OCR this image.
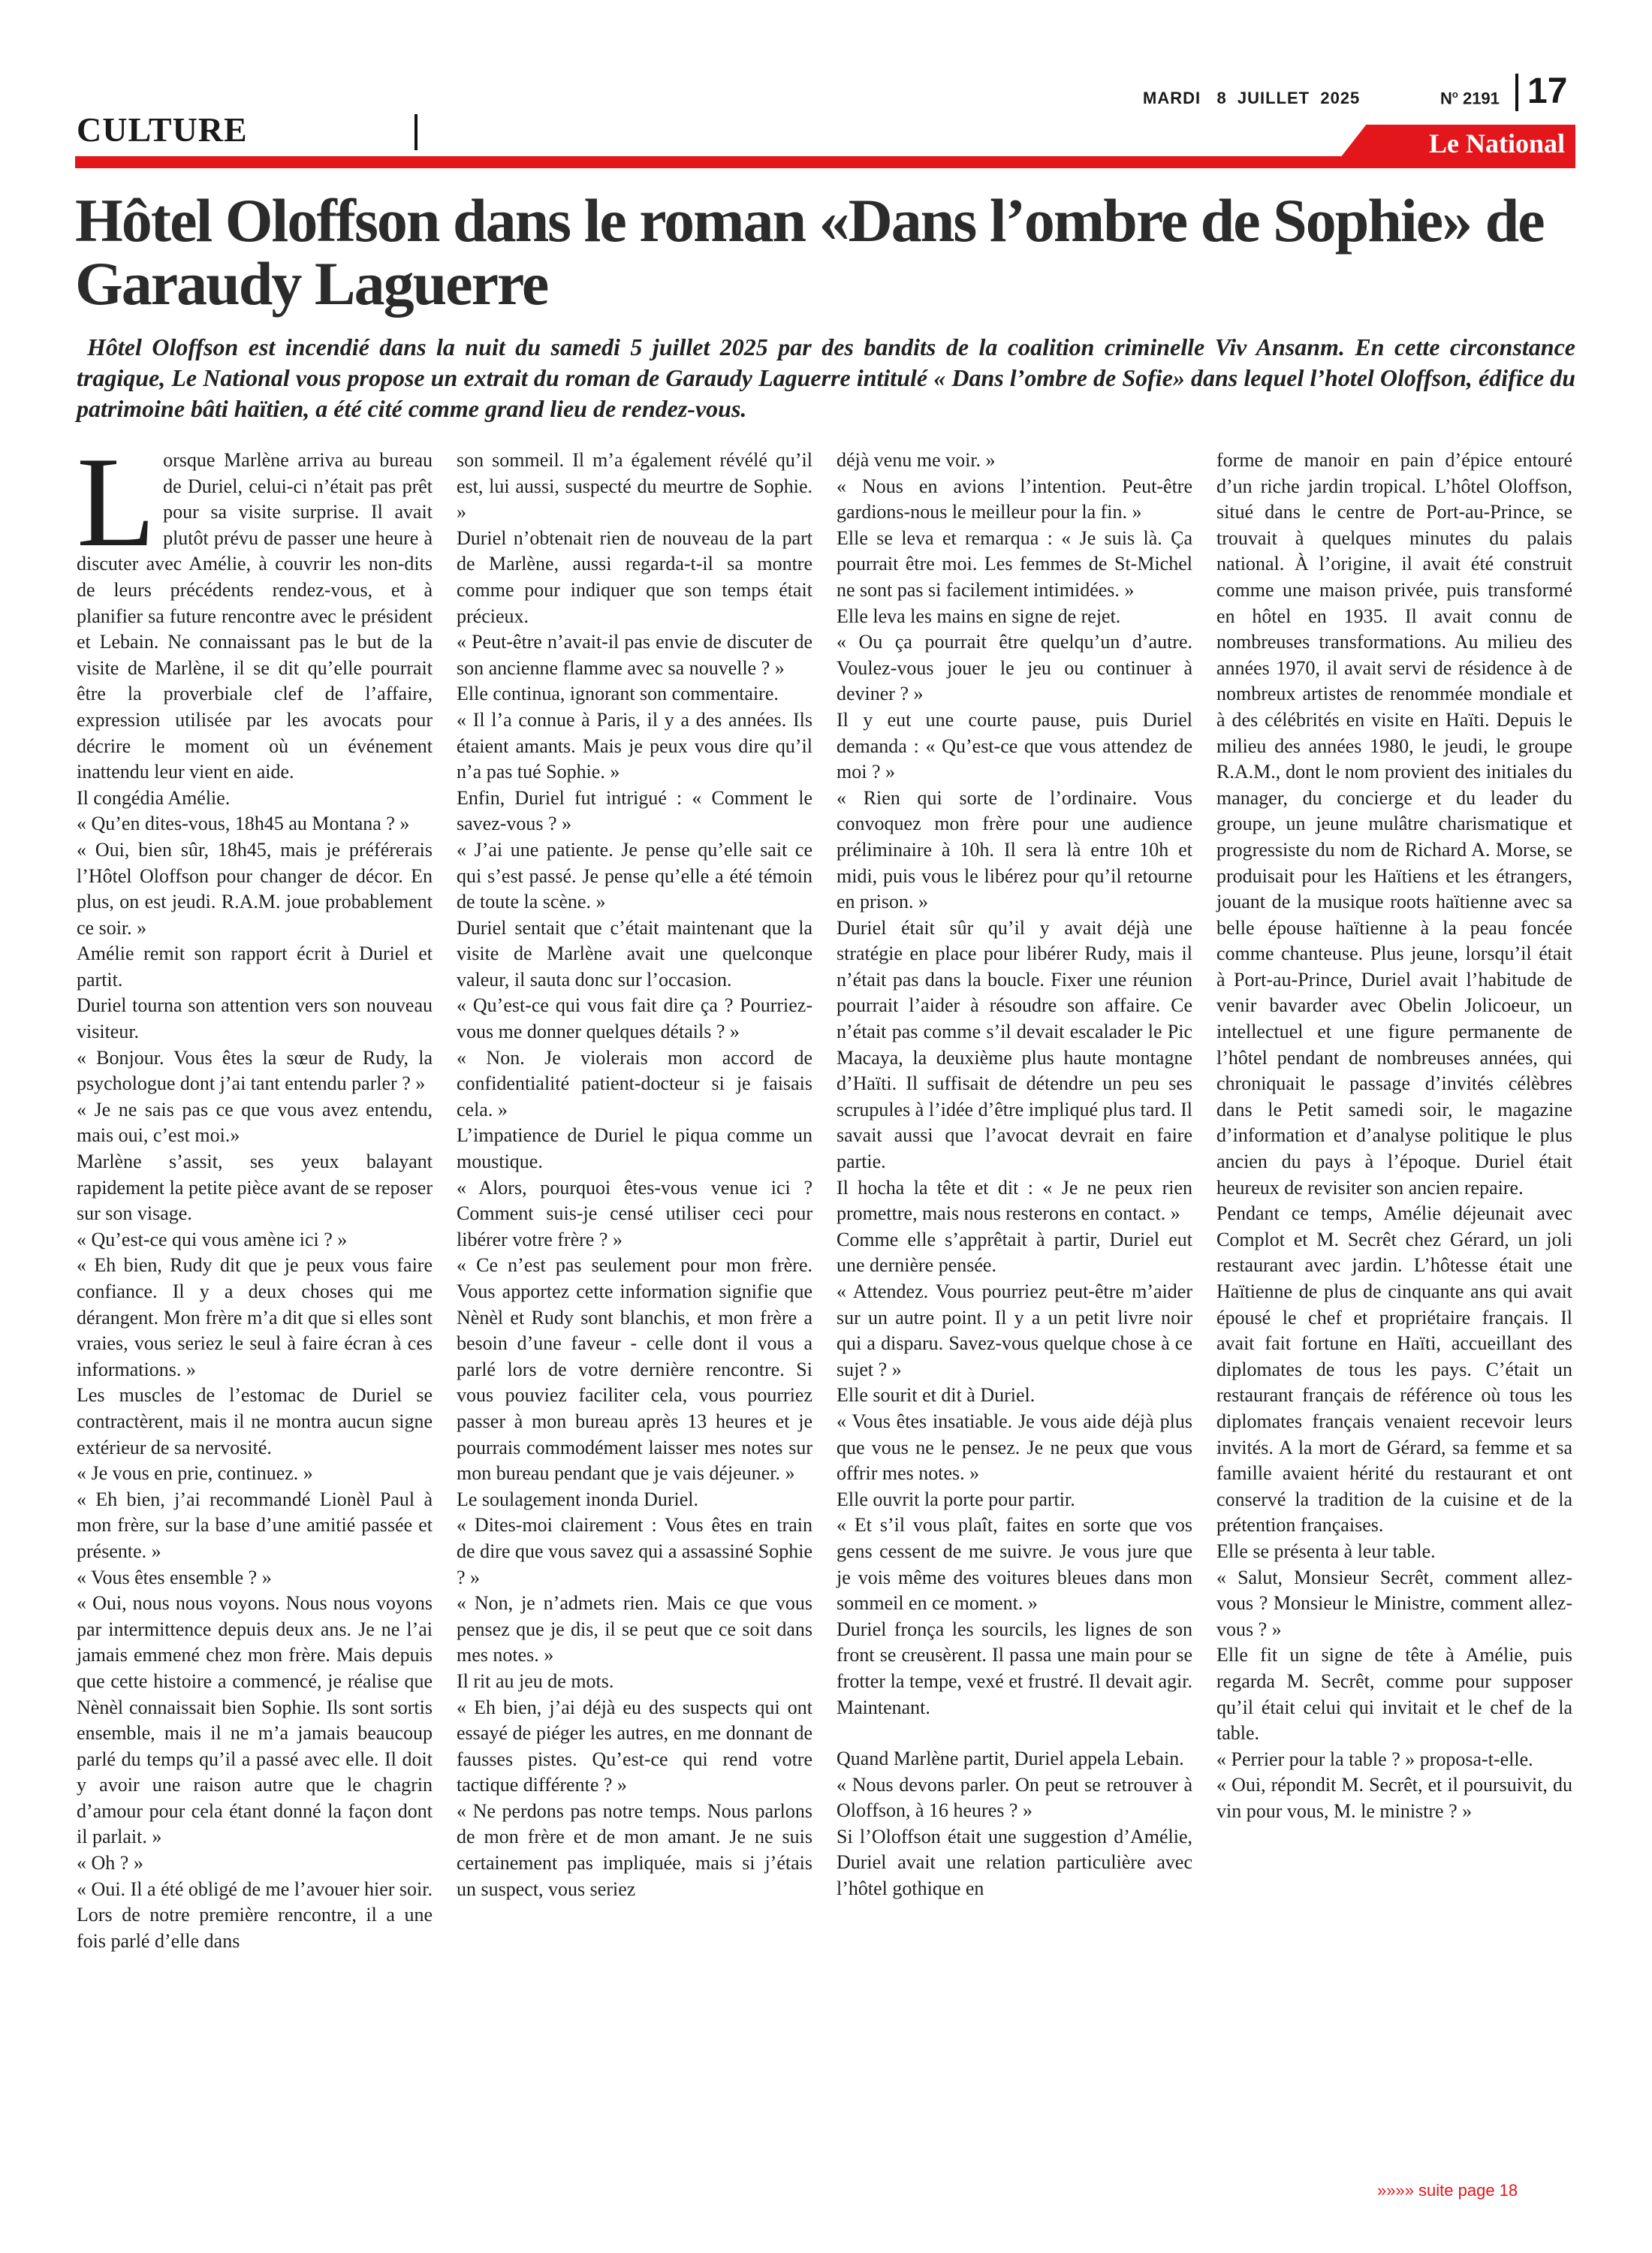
MARDI   8  JUILLET  2025	$N^o$ 2191 17
CULTURE	Le National
Hôtel Oloffson dans le roman «Dans l’ombre de Sophie» de Garaudy Laguerre

Hôtel Oloffson est incendié dans la nuit du samedi 5 juillet 2025 par des bandits de la coalition criminelle Viv Ansanm. En cette circonstance tragique, Le National vous propose un extrait du roman de Garaudy Laguerre intitulé « Dans l’ombre de Sofie» dans lequel l’hotel Oloffson, édifice du patrimoine bâti haïtien, a été cité comme grand lieu de rendez-vous.

L orsque Marlène arriva au bureau de Duriel, celui-ci n’était pas prêt pour sa visite surprise. Il avait plutôt prévu de passer une heure à discuter avec Amélie, à couvrir les non-dits de leurs précédents rendez-vous, et à planifier sa future rencontre avec le président et Lebain. Ne connaissant pas le but de la visite de Marlène, il se dit qu’elle pourrait être la proverbiale clef de l’affaire, expression utilisée par les avocats pour décrire le moment où un événement inattendu leur vient en aide.

Il congédia Amélie.

« Qu’en dites-vous, 18h45 au Montana ? »

« Oui, bien sûr, 18h45, mais je préférerais l’Hôtel Oloffson pour changer de décor. En plus, on est jeudi. R.A.M. joue probablement ce soir. »

Amélie remit son rapport écrit à Duriel et partit.

Duriel tourna son attention vers son nouveau visiteur.

« Bonjour. Vous êtes la sœur de Rudy, la psychologue dont j’ai tant entendu parler ? »

« Je ne sais pas ce que vous avez entendu, mais oui, c’est moi.»

Marlène s’assit, ses yeux balayant rapidement la petite pièce avant de se reposer sur son visage.

« Qu’est-ce qui vous amène ici ? »

« Eh bien, Rudy dit que je peux vous faire confiance. Il y a deux choses qui me dérangent. Mon frère m’a dit que si elles sont vraies, vous seriez le seul à faire écran à ces informations. »

Les muscles de l’estomac de Duriel se contractèrent, mais il ne montra aucun signe extérieur de sa nervosité.

« Je vous en prie, continuez. »

« Eh bien, j’ai recommandé Lionèl Paul à mon frère, sur la base d’une amitié passée et présente. »

« Vous êtes ensemble ? »

« Oui, nous nous voyons. Nous nous voyons par intermittence depuis deux ans. Je ne l’ai jamais emmené chez mon frère. Mais depuis que cette histoire a commencé, je réalise que Nènèl connaissait bien Sophie. Ils sont sortis ensemble, mais il ne m’a jamais beaucoup parlé du temps qu’il a passé avec elle. Il doit y avoir une raison autre que le chagrin d’amour pour cela étant donné la façon dont il parlait. »

« Oh ? »

« Oui. Il a été obligé de me l’avouer hier soir. Lors de notre première rencontre, il a une fois parlé d’elle dans

son sommeil. Il m’a également révélé qu’il est, lui aussi, suspecté du meurtre de Sophie. »

Duriel n’obtenait rien de nouveau de la part de Marlène, aussi regarda-t-il sa montre comme pour indiquer que son temps était précieux.

« Peut-être n’avait-il pas envie de discuter de son ancienne flamme avec sa nouvelle ? »

Elle continua, ignorant son commentaire.

« Il l’a connue à Paris, il y a des années. Ils étaient amants. Mais je peux vous dire qu’il n’a pas tué Sophie. »

Enfin, Duriel fut intrigué : « Comment le savez-vous ? »

« J’ai une patiente. Je pense qu’elle sait ce qui s’est passé. Je pense qu’elle a été témoin de toute la scène. »

Duriel sentait que c’était maintenant que la visite de Marlène avait une quelconque valeur, il sauta donc sur l’occasion.

« Qu’est-ce qui vous fait dire ça ? Pourriez-vous me donner quelques détails ? »

« Non. Je violerais mon accord de confidentialité patient-docteur si je faisais cela. »

L’impatience de Duriel le piqua comme un moustique.

« Alors, pourquoi êtes-vous venue ici ? Comment suis-je censé utiliser ceci pour libérer votre frère ? »

« Ce n’est pas seulement pour mon frère. Vous apportez cette information signifie que Nènèl et Rudy sont blanchis, et mon frère a besoin d’une faveur - celle dont il vous a parlé lors de votre dernière rencontre. Si vous pouviez faciliter cela, vous pourriez passer à mon bureau après 13 heures et je pourrais commodément laisser mes notes sur mon bureau pendant que je vais déjeuner. »

Le soulagement inonda Duriel.

« Dites-moi clairement : Vous êtes en train de dire que vous savez qui a assassiné Sophie ? »

« Non, je n’admets rien. Mais ce que vous pensez que je dis, il se peut que ce soit dans mes notes. »

Il rit au jeu de mots.

« Eh bien, j’ai déjà eu des suspects qui ont essayé de piéger les autres, en me donnant de fausses pistes. Qu’est-ce qui rend votre tactique différente ? »

« Ne perdons pas notre temps. Nous parlons de mon frère et de mon amant. Je ne suis certainement pas impliquée, mais si j’étais un suspect, vous seriez

déjà venu me voir. »

« Nous en avions l’intention. Peut-être gardions-nous le meilleur pour la fin. »

Elle se leva et remarqua : « Je suis là. Ça pourrait être moi. Les femmes de St-Michel ne sont pas si facilement intimidées. »

Elle leva les mains en signe de rejet.

« Ou ça pourrait être quelqu’un d’autre. Voulez-vous jouer le jeu ou continuer à deviner ? »

Il y eut une courte pause, puis Duriel demanda : « Qu’est-ce que vous attendez de moi ? »

« Rien qui sorte de l’ordinaire. Vous convoquez mon frère pour une audience préliminaire à 10h. Il sera là entre 10h et midi, puis vous le libérez pour qu’il retourne en prison. »

Duriel était sûr qu’il y avait déjà une stratégie en place pour libérer Rudy, mais il n’était pas dans la boucle. Fixer une réunion pourrait l’aider à résoudre son affaire. Ce n’était pas comme s’il devait escalader le Pic Macaya, la deuxième plus haute montagne d’Haïti. Il suffisait de détendre un peu ses scrupules à l’idée d’être impliqué plus tard. Il savait aussi que l’avocat devrait en faire partie.

Il hocha la tête et dit : « Je ne peux rien promettre, mais nous resterons en contact. »

Comme elle s’apprêtait à partir, Duriel eut une dernière pensée.

« Attendez. Vous pourriez peut-être m’aider sur un autre point. Il y a un petit livre noir qui a disparu. Savez-vous quelque chose à ce sujet ? »

Elle sourit et dit à Duriel.

« Vous êtes insatiable. Je vous aide déjà plus que vous ne le pensez. Je ne peux que vous offrir mes notes. »

Elle ouvrit la porte pour partir.

« Et s’il vous plaît, faites en sorte que vos gens cessent de me suivre. Je vous jure que je vois même des voitures bleues dans mon sommeil en ce moment. »

Duriel fronça les sourcils, les lignes de son front se creusèrent. Il passa une main pour se frotter la tempe, vexé et frustré. Il devait agir. Maintenant.

Quand Marlène partit, Duriel appela Lebain.

« Nous devons parler. On peut se retrouver à Oloffson, à 16 heures ? »

Si l’Oloffson était une suggestion d’Amélie, Duriel avait une relation particulière avec l’hôtel gothique en

forme de manoir en pain d’épice entouré d’un riche jardin tropical. L’hôtel Oloffson, situé dans le centre de Port-au-Prince, se trouvait à quelques minutes du palais national. À l’origine, il avait été construit comme une maison privée, puis transformé en hôtel en 1935. Il avait connu de nombreuses transformations. Au milieu des années 1970, il avait servi de résidence à de nombreux artistes de renommée mondiale et à des célébrités en visite en Haïti. Depuis le milieu des années 1980, le jeudi, le groupe R.A.M., dont le nom provient des initiales du manager, du concierge et du leader du groupe, un jeune mulâtre charismatique et progressiste du nom de Richard A. Morse, se produisait pour les Haïtiens et les étrangers, jouant de la musique roots haïtienne avec sa belle épouse haïtienne à la peau foncée comme chanteuse. Plus jeune, lorsqu’il était à Port-au-Prince, Duriel avait l’habitude de venir bavarder avec Obelin Jolicoeur, un intellectuel et une figure permanente de l’hôtel pendant de nombreuses années, qui chroniquait le passage d’invités célèbres dans le Petit samedi soir, le magazine d’information et d’analyse politique le plus ancien du pays à l’époque. Duriel était heureux de revisiter son ancien repaire.

Pendant ce temps, Amélie déjeunait avec Complot et M. Secrêt chez Gérard, un joli restaurant avec jardin. L’hôtesse était une Haïtienne de plus de cinquante ans qui avait épousé le chef et propriétaire français. Il avait fait fortune en Haïti, accueillant des diplomates de tous les pays. C’était un restaurant français de référence où tous les diplomates français venaient recevoir leurs invités. A la mort de Gérard, sa femme et sa famille avaient hérité du restaurant et ont conservé la tradition de la cuisine et de la prétention françaises.

Elle se présenta à leur table.

« Salut, Monsieur Secrêt, comment allez-vous ? Monsieur le Ministre, comment allez-vous ? »

Elle fit un signe de tête à Amélie, puis regarda M. Secrêt, comme pour supposer qu’il était celui qui invitait et le chef de la table.

« Perrier pour la table ? » proposa-t-elle.

« Oui, répondit M. Secrêt, et il poursuivit, du vin pour vous, M. le ministre ? »

»»»» suite page 18
